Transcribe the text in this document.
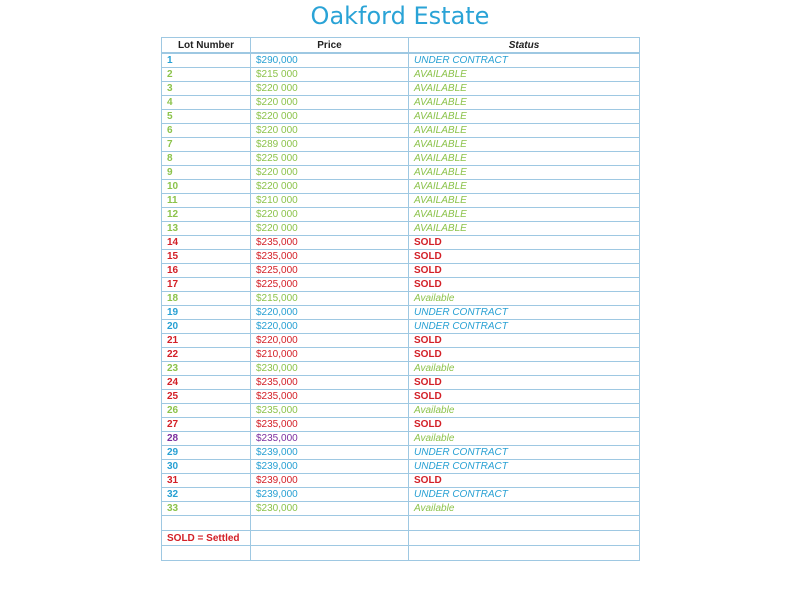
Oakford Estate
Lot Number	Price	Status
1	$290,000	UNDER CONTRACT
2	$215 000	AVAILABLE
3	$220 000	AVAILABLE
4	$220 000	AVAILABLE
5	$220 000	AVAILABLE
6	$220 000	AVAILABLE
7	$289 000	AVAILABLE
8	$225 000	AVAILABLE
9	$220 000	AVAILABLE
10	$220 000	AVAILABLE
11	$210 000	AVAILABLE
12	$220 000	AVAILABLE
13	$220 000	AVAILABLE
14	$235,000	SOLD
15	$235,000	SOLD
16	$225,000	SOLD
17	$225,000	SOLD
18	$215,000	Available
19	$220,000	UNDER CONTRACT
20	$220,000	UNDER CONTRACT
21	$220,000	SOLD
22	$210,000	SOLD
23	$230,000	Available
24	$235,000	SOLD
25	$235,000	SOLD
26	$235,000	Available
27	$235,000	SOLD
28	$235,000	Available
29	$239,000	UNDER CONTRACT
30	$239,000	UNDER CONTRACT
31	$239,000	SOLD
32	$239,000	UNDER CONTRACT
33	$230,000	Available

SOLD = Settled		
